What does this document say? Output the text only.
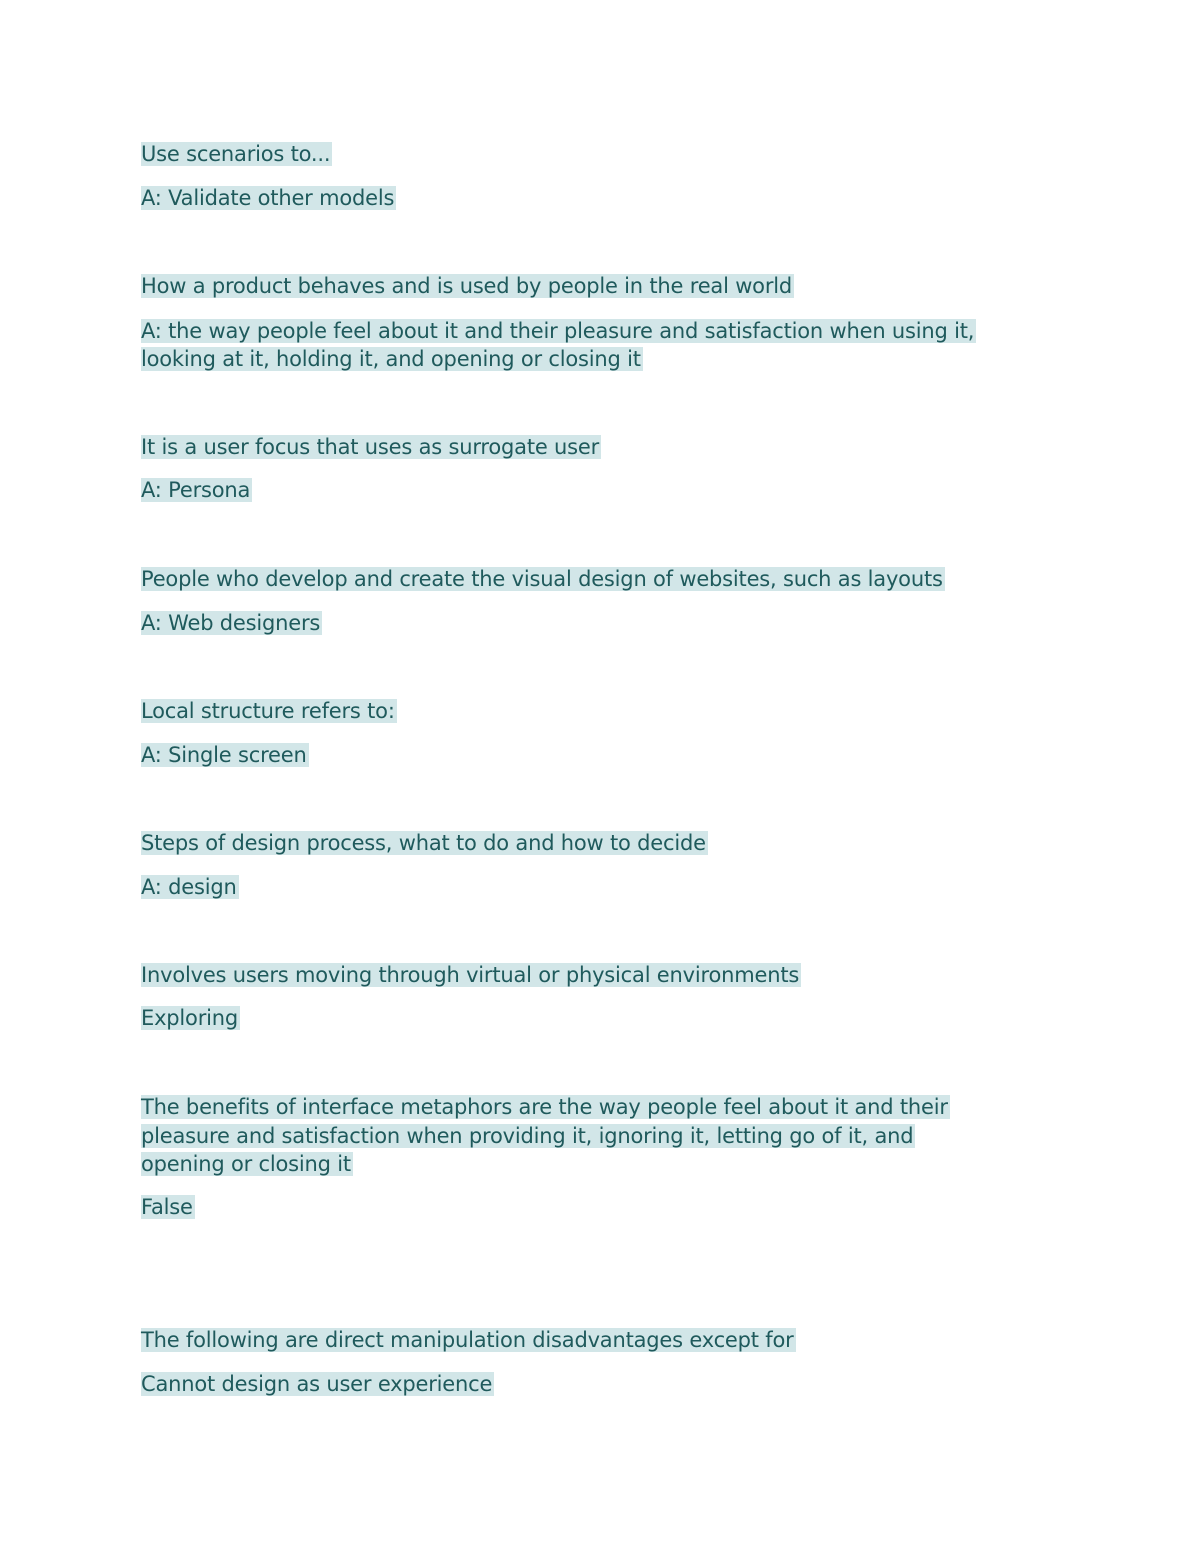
Use scenarios to...

A: Validate other models

How a product behaves and is used by people in the real world

A: the way people feel about it and their pleasure and satisfaction when using it,

looking at it, holding it, and opening or closing it

It is a user focus that uses as surrogate user

A: Persona

People who develop and create the visual design of websites, such as layouts

A: Web designers

Local structure refers to:

A: Single screen

Steps of design process, what to do and how to decide

A: design

Involves users moving through virtual or physical environments

Exploring

The benefits of interface metaphors are the way people feel about it and their

pleasure and satisfaction when providing it, ignoring it, letting go of it, and

opening or closing it

False

The following are direct manipulation disadvantages except for

Cannot design as user experience
